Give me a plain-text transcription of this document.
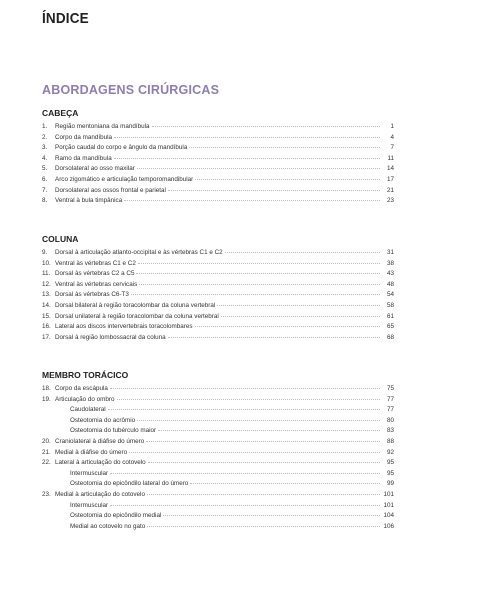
ÍNDICE
ABORDAGENS CIRÚRGICAS
CABEÇA
1.	Região mentoniana da mandíbula	1
2.	Corpo da mandíbula	4
3.	Porção caudal do corpo e ângulo da mandíbula	7
4.	Ramo da mandíbula	11
5.	Dorsolateral ao osso maxilar	14
6.	Arco zigomático e articulação temporomandibular	17
7.	Dorsolateral aos ossos frontal e parietal	21
8.	Ventral à bula timpânica	23
COLUNA
9.	Dorsal à articulação atlanto-occipital e às vértebras C1 e C2	31
10. Ventral às vértebras C1 e C2	38
11. Dorsal às vértebras C2 a C5	43
12. Ventral às vértebras cervicais	48
13. Dorsal às vértebras C6-T3	54
14. Dorsal bilateral à região toracolombar da coluna vertebral	58
15. Dorsal unilateral à região toracolombar da coluna vertebral	61
16. Lateral aos discos intervertebrais toracolombares	65
17. Dorsal à região lombossacral da coluna	68
MEMBRO TORÁCICO
18. Corpo da escápula	75
19. Articulação do ombro	77
Caudolateral	77
Osteotomia do acrômio	80
Osteotomia do tubérculo maior	83
20. Craniolateral à diáfise do úmero	88
21. Medial à diáfise do úmero	92
22. Lateral à articulação do cotovelo	95
Intermuscular	95
Osteotomia do epicôndilo lateral do úmero	99
23. Medial à articulação do cotovelo	101
Intermuscular	101
Osteotomia do epicôndilo medial	104
Medial ao cotovelo no gato	106
